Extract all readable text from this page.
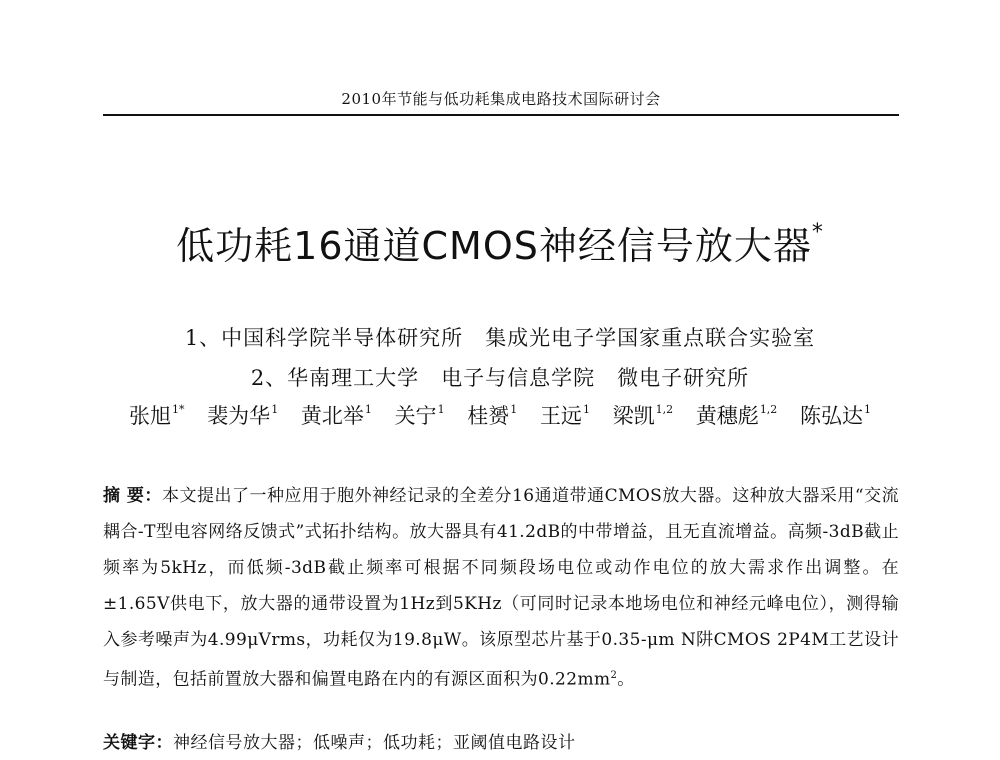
2010年节能与低功耗集成电路技术国际研讨会
低功耗16通道CMOS神经信号放大器*
1、中国科学院半导体研究所 集成光电子学国家重点联合实验室
2、华南理工大学 电子与信息学院 微电子研究所
张旭$^{1*}$ 裴为华$^1$ 黄北举$^1$ 关宁$^1$ 桂赟$^1$ 王远$^1$ 梁凯$^{1,2}$ 黄穗彪$^{1,2}$ 陈弘达$^1$
摘 要：本文提出了一种应用于胞外神经记录的全差分16通道带通CMOS放大器。这种放大器采用“交流耦合-T型电容网络反馈式”式拓扑结构。放大器具有41.2dB的中带增益，且无直流增益。高频-3dB截止频率为5kHz，而低频-3dB截止频率可根据不同频段场电位或动作电位的放大需求作出调整。在±1.65V供电下，放大器的通带设置为1Hz到5KHz（可同时记录本地场电位和神经元峰电位），测得输入参考噪声为4.99μVrms，功耗仅为19.8μW。该原型芯片基于0.35-μm N阱CMOS 2P4M工艺设计与制造，包括前置放大器和偏置电路在内的有源区面积为$0.22mm^2$。
关键字：神经信号放大器；低噪声；低功耗；亚阈值电路设计
